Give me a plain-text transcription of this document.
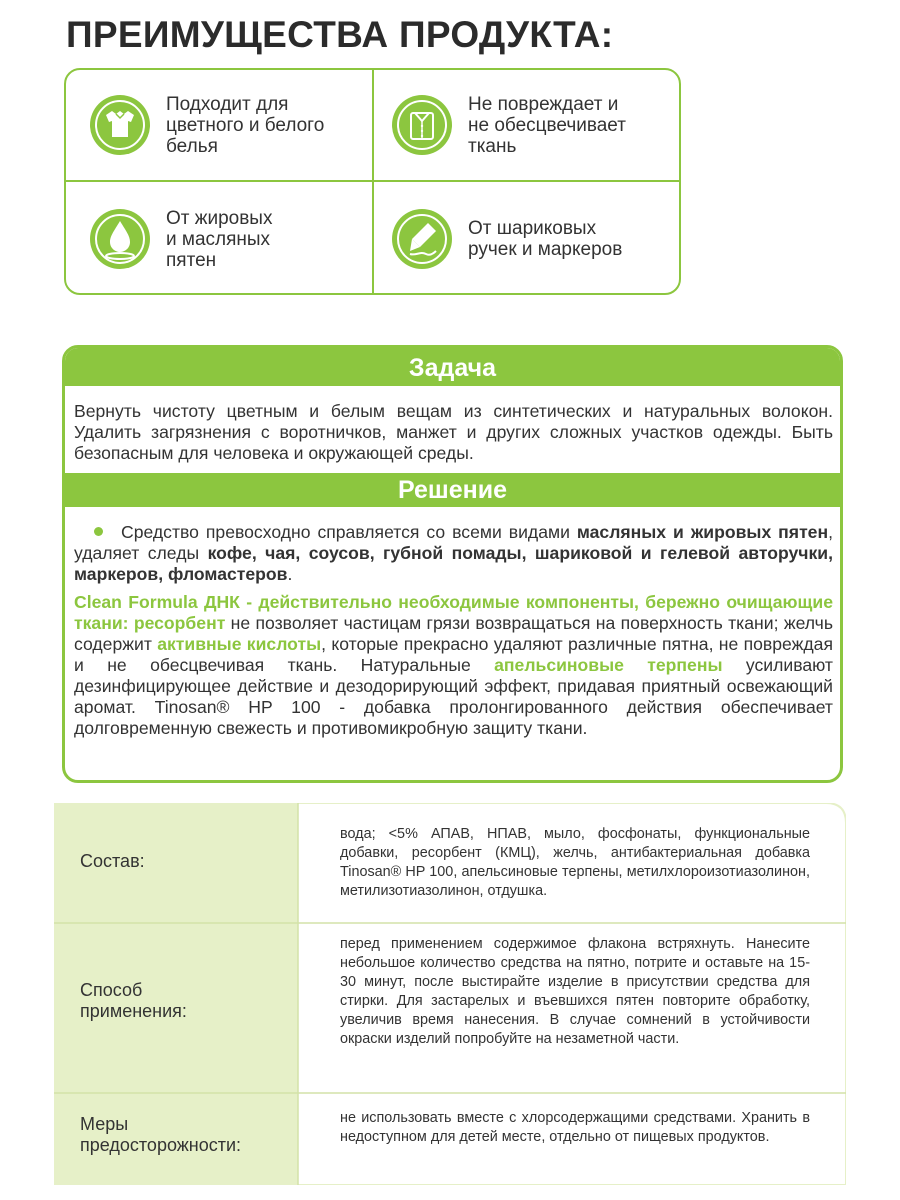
ПРЕИМУЩЕСТВА ПРОДУКТА:
Подходит для
цветного и белого
белья
Не повреждает и
не обесцвечивает
ткань
От жировых
и масляных
пятен
От шариковых
ручек и маркеров
Задача
Вернуть чистоту цветным и белым вещам из синтетических и натуральных волокон. Удалить загрязнения с воротничков, манжет и других сложных участков одежды. Быть безопасным для человека и окружающей среды.
Решение
Средство превосходно справляется со всеми видами масляных и жировых пятен, удаляет следы кофе, чая, соусов, губной помады, шариковой и гелевой авторучки, маркеров, фломастеров.
Clean Formula ДНК - действительно необходимые компоненты, бережно очищающие ткани: ресорбент не позволяет частицам грязи возвращаться на поверхность ткани; желчь содержит активные кислоты, которые прекрасно удаляют различные пятна, не повреждая и не обесцвечивая ткань. Натуральные апельсиновые терпены усиливают дезинфицирующее действие и дезодорирующий эффект, придавая приятный освежающий аромат. Tinosan® HP 100 - добавка пролонгированного действия обеспечивает долговременную свежесть и противомикробную защиту ткани.
Состав:
вода; <5% АПАВ, НПАВ, мыло, фосфонаты, функциональные добавки, ресорбент (КМЦ), желчь, антибактериальная добавка Tinosan® HP 100, апельсиновые терпены, метилхлороизотиазолинон, метилизотиазолинон, отдушка.
Способ
применения:
перед применением содержимое флакона встряхнуть. Нанесите небольшое количество средства на пятно, потрите и оставьте на 15-30 минут, после выстирайте изделие в присутствии средства для стирки. Для застарелых и въевшихся пятен повторите обработку, увеличив время нанесения. В случае сомнений в устойчивости окраски изделий попробуйте на незаметной части.
Меры
предосторожности:
не использовать вместе с хлорсодержащими средствами. Хранить в недоступном для детей месте, отдельно от пищевых продуктов.
